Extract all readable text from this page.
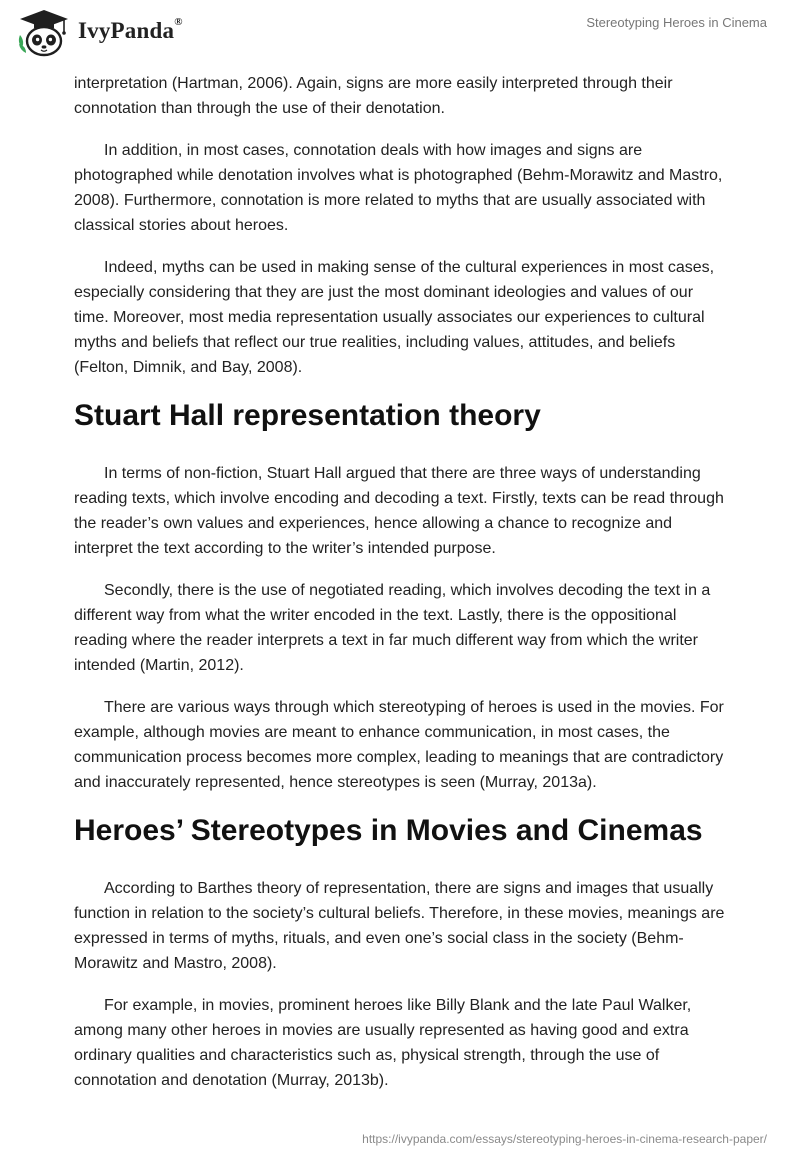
IvyPanda®	Stereotyping Heroes in Cinema

interpretation (Hartman, 2006). Again, signs are more easily interpreted through their connotation than through the use of their denotation.

In addition, in most cases, connotation deals with how images and signs are photographed while denotation involves what is photographed (Behm-Morawitz and Mastro, 2008). Furthermore, connotation is more related to myths that are usually associated with classical stories about heroes.

Indeed, myths can be used in making sense of the cultural experiences in most cases, especially considering that they are just the most dominant ideologies and values of our time. Moreover, most media representation usually associates our experiences to cultural myths and beliefs that reflect our true realities, including values, attitudes, and beliefs (Felton, Dimnik, and Bay, 2008).

Stuart Hall representation theory

In terms of non-fiction, Stuart Hall argued that there are three ways of understanding reading texts, which involve encoding and decoding a text. Firstly, texts can be read through the reader’s own values and experiences, hence allowing a chance to recognize and interpret the text according to the writer’s intended purpose.

Secondly, there is the use of negotiated reading, which involves decoding the text in a different way from what the writer encoded in the text. Lastly, there is the oppositional reading where the reader interprets a text in far much different way from which the writer intended (Martin, 2012).

There are various ways through which stereotyping of heroes is used in the movies. For example, although movies are meant to enhance communication, in most cases, the communication process becomes more complex, leading to meanings that are contradictory and inaccurately represented, hence stereotypes is seen (Murray, 2013a).

Heroes’ Stereotypes in Movies and Cinemas

According to Barthes theory of representation, there are signs and images that usually function in relation to the society’s cultural beliefs. Therefore, in these movies, meanings are expressed in terms of myths, rituals, and even one’s social class in the society (Behm-Morawitz and Mastro, 2008).

For example, in movies, prominent heroes like Billy Blank and the late Paul Walker, among many other heroes in movies are usually represented as having good and extra ordinary qualities and characteristics such as, physical strength, through the use of connotation and denotation (Murray, 2013b).

https://ivypanda.com/essays/stereotyping-heroes-in-cinema-research-paper/
